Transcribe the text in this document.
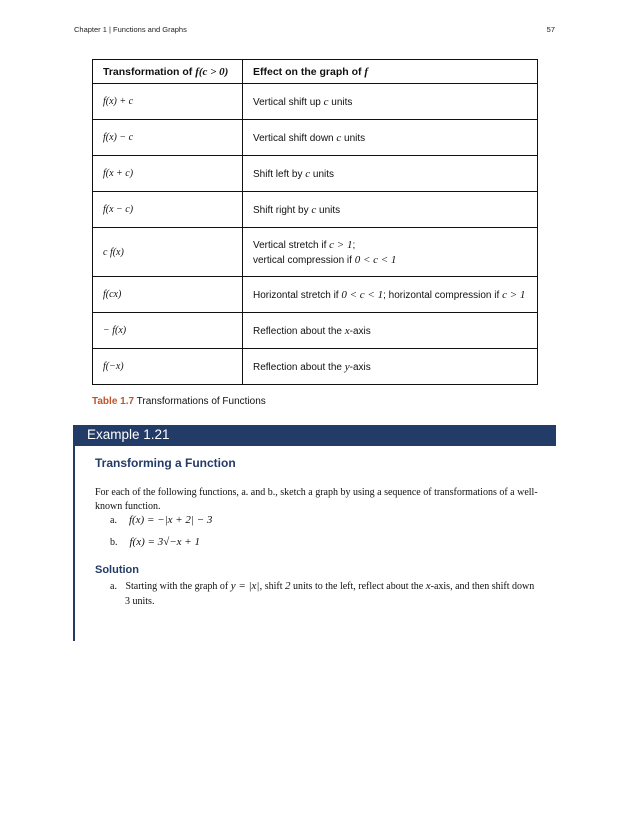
Chapter 1 | Functions and Graphs	57
Transformation of f(c > 0)	Effect on the graph of f
f(x) + c	Vertical shift up c units
f(x) − c	Vertical shift down c units
f(x + c)	Shift left by c units
f(x − c)	Shift right by c units
c f(x)	Vertical stretch if c > 1;
vertical compression if 0 < c < 1

f(cx)	Horizontal stretch if 0 < c < 1; horizontal compression if c > 1
− f(x)	Reflection about the x-axis
f(−x)	Reflection about the y-axis
Table 1.7 Transformations of Functions
Example 1.21
Transforming a Function
For each of the following functions, a. and b., sketch a graph by using a sequence of transformations of a well-known function.
a. f(x) = −|x + 2| − 3
b. f(x) = 3√−x + 1
Solution
a. Starting with the graph of y = |x|, shift 2 units to the left, reflect about the x-axis, and then shift down
3 units.
